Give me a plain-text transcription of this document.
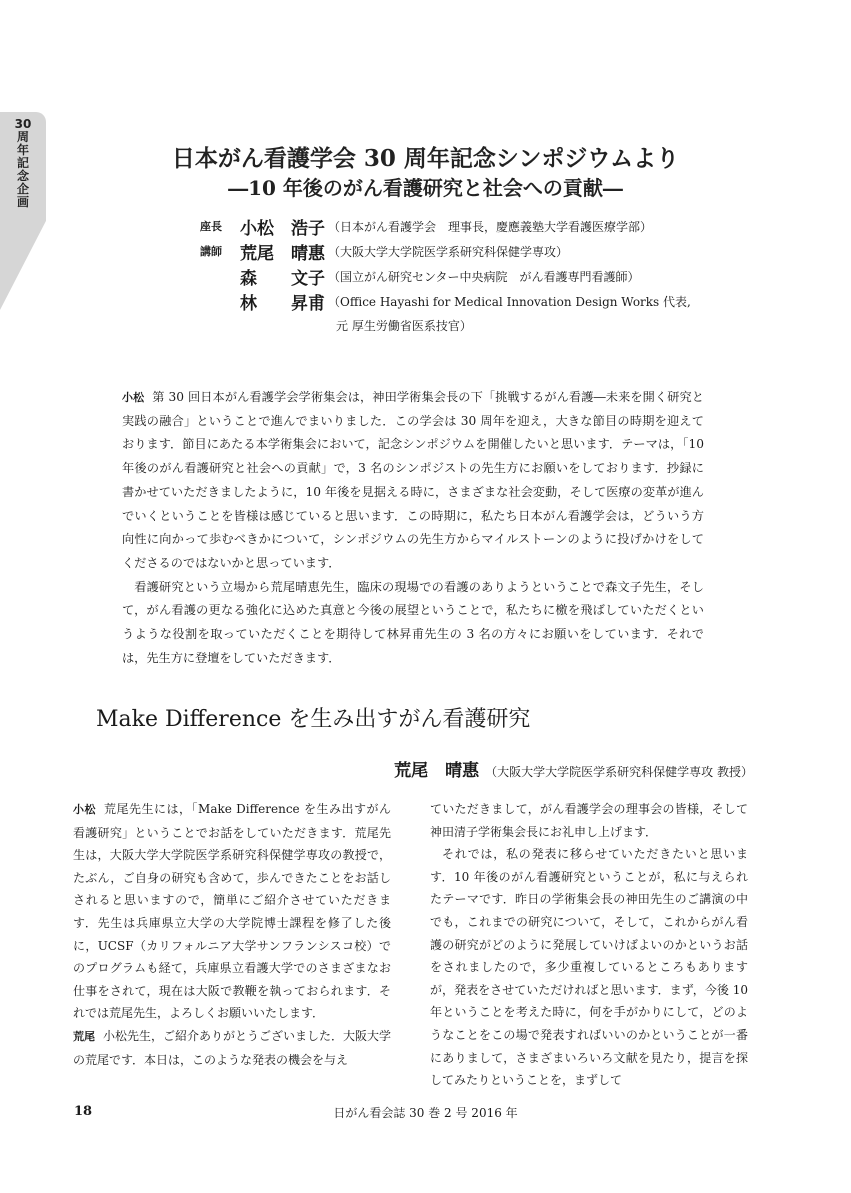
30周年記念企画
日本がん看護学会 30 周年記念シンポジウムより
―10 年後のがん看護研究と社会への貢献―
座長 小松　浩子 （日本がん看護学会　理事長，慶應義塾大学看護医療学部）
講師 荒尾　晴惠 （大阪大学大学院医学系研究科保健学専攻）
森　　文子 （国立がん研究センター中央病院　がん看護専門看護師）
林　　昇甫 （Office Hayashi for Medical Innovation Design Works 代表,
元 厚生労働省医系技官）

小松 第 30 回日本がん看護学会学術集会は，神田学術集会長の下「挑戦するがん看護―未来を開く研究と実践の融合」ということで進んでまいりました．この学会は 30 周年を迎え，大きな節目の時期を迎えております．節目にあたる本学術集会において，記念シンポジウムを開催したいと思います．テーマは，「10 年後のがん看護研究と社会への貢献」で，3 名のシンポジストの先生方にお願いをしております．抄録に書かせていただきましたように，10 年後を見据える時に，さまざまな社会変動，そして医療の変革が進んでいくということを皆様は感じていると思います．この時期に，私たち日本がん看護学会は，どういう方向性に向かって歩むべきかについて，シンポジウムの先生方からマイルストーンのように投げかけをしてくださるのではないかと思っています．

看護研究という立場から荒尾晴恵先生，臨床の現場での看護のありようということで森文子先生，そして，がん看護の更なる強化に込めた真意と今後の展望ということで，私たちに檄を飛ばしていただくというような役割を取っていただくことを期待して林昇甫先生の 3 名の方々にお願いをしています．それでは，先生方に登壇をしていただきます．

Make Difference を生み出すがん看護研究
荒尾　晴惠 （大阪大学大学院医学系研究科保健学専攻 教授）

小松 荒尾先生には，「Make Difference を生み出すがん看護研究」ということでお話をしていただきます．荒尾先生は，大阪大学大学院医学系研究科保健学専攻の教授で，たぶん，ご自身の研究も含めて，歩んできたことをお話しされると思いますので，簡単にご紹介させていただきます．先生は兵庫県立大学の大学院博士課程を修了した後に，UCSF（カリフォルニア大学サンフランシスコ校）でのプログラムも経て，兵庫県立看護大学でのさまざまなお仕事をされて，現在は大阪で教鞭を執っておられます．それでは荒尾先生，よろしくお願いいたします．

荒尾 小松先生，ご紹介ありがとうございました．大阪大学の荒尾です．本日は，このような発表の機会を与え

ていただきまして，がん看護学会の理事会の皆様，そして神田清子学術集会長にお礼申し上げます．

それでは，私の発表に移らせていただきたいと思います．10 年後のがん看護研究ということが，私に与えられたテーマです．昨日の学術集会長の神田先生のご講演の中でも，これまでの研究について，そして，これからがん看護の研究がどのように発展していけばよいのかというお話をされましたので，多少重複しているところもありますが，発表をさせていただければと思います．まず，今後 10 年ということを考えた時に，何を手がかりにして，どのようなことをこの場で発表すればいいのかということが一番にありまして，さまざまいろいろ文献を見たり，提言を探してみたりということを，まずして

18	日がん看会誌 30 巻 2 号 2016 年
